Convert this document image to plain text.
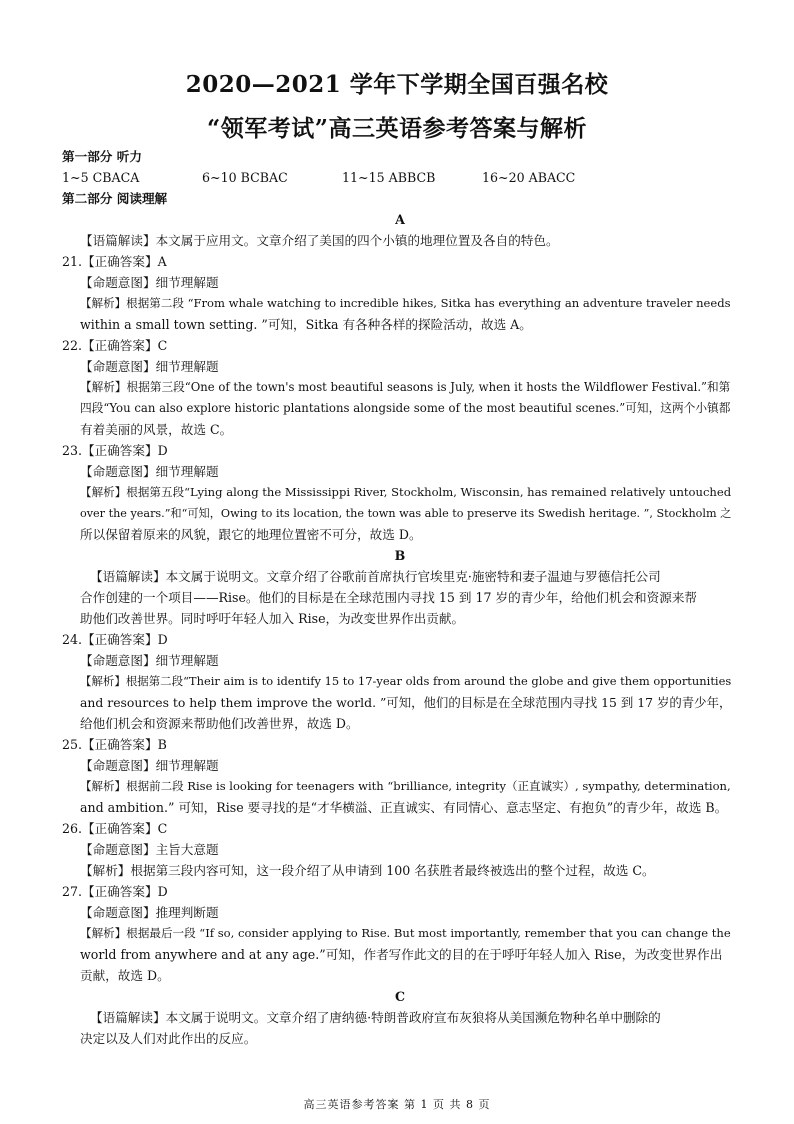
2020—2021 学年下学期全国百强名校
“领军考试”高三英语参考答案与解析
第一部分 听力
1~5 CBACA	6~10 BCBAC	11~15 ABBCB	16~20 ABACC
第二部分 阅读理解
A
【语篇解读】本文属于应用文。文章介绍了美国的四个小镇的地理位置及各自的特色。
21.【正确答案】A
【命题意图】细节理解题
【解析】根据第二段 “From whale watching to incredible hikes, Sitka has everything an adventure traveler needs
within a small town setting. ”可知，Sitka 有各种各样的探险活动，故选 A。
22.【正确答案】C
【命题意图】细节理解题
【解析】根据第三段“One of the town's most beautiful seasons is July, when it hosts the Wildflower Festival.”和第
四段“You can also explore historic plantations alongside some of the most beautiful scenes.”可知，这两个小镇都
有着美丽的风景，故选 C。
23.【正确答案】D
【命题意图】细节理解题
【解析】根据第五段“Lying along the Mississippi River, Stockholm, Wisconsin, has remained relatively untouched
over the years.”和“可知，Owing to its location, the town was able to preserve its Swedish heritage. ”, Stockholm 之
所以保留着原来的风貌，跟它的地理位置密不可分，故选 D。
B
【语篇解读】本文属于说明文。文章介绍了谷歌前首席执行官埃里克·施密特和妻子温迪与罗德信托公司
合作创建的一个项目——Rise。他们的目标是在全球范围内寻找 15 到 17 岁的青少年，给他们机会和资源来帮
助他们改善世界。同时呼吁年轻人加入 Rise，为改变世界作出贡献。
24.【正确答案】D
【命题意图】细节理解题
【解析】根据第二段“Their aim is to identify 15 to 17-year olds from around the globe and give them opportunities
and resources to help them improve the world. ”可知，他们的目标是在全球范围内寻找 15 到 17 岁的青少年，
给他们机会和资源来帮助他们改善世界，故选 D。
25.【正确答案】B
【命题意图】细节理解题
【解析】根据前二段 Rise is looking for teenagers with “brilliance, integrity（正直诚实）, sympathy, determination,
and ambition.” 可知，Rise 要寻找的是“才华横溢、正直诚实、有同情心、意志坚定、有抱负”的青少年，故选 B。
26.【正确答案】C
【命题意图】主旨大意题
【解析】根据第三段内容可知，这一段介绍了从申请到 100 名获胜者最终被选出的整个过程，故选 C。
27.【正确答案】D
【命题意图】推理判断题
【解析】根据最后一段 “If so, consider applying to Rise. But most importantly, remember that you can change the
world from anywhere and at any age.”可知，作者写作此文的目的在于呼吁年轻人加入 Rise，为改变世界作出
贡献，故选 D。
C
【语篇解读】本文属于说明文。文章介绍了唐纳德·特朗普政府宣布灰狼将从美国濒危物种名单中删除的
决定以及人们对此作出的反应。
高三英语参考答案 第 1 页 共 8 页
